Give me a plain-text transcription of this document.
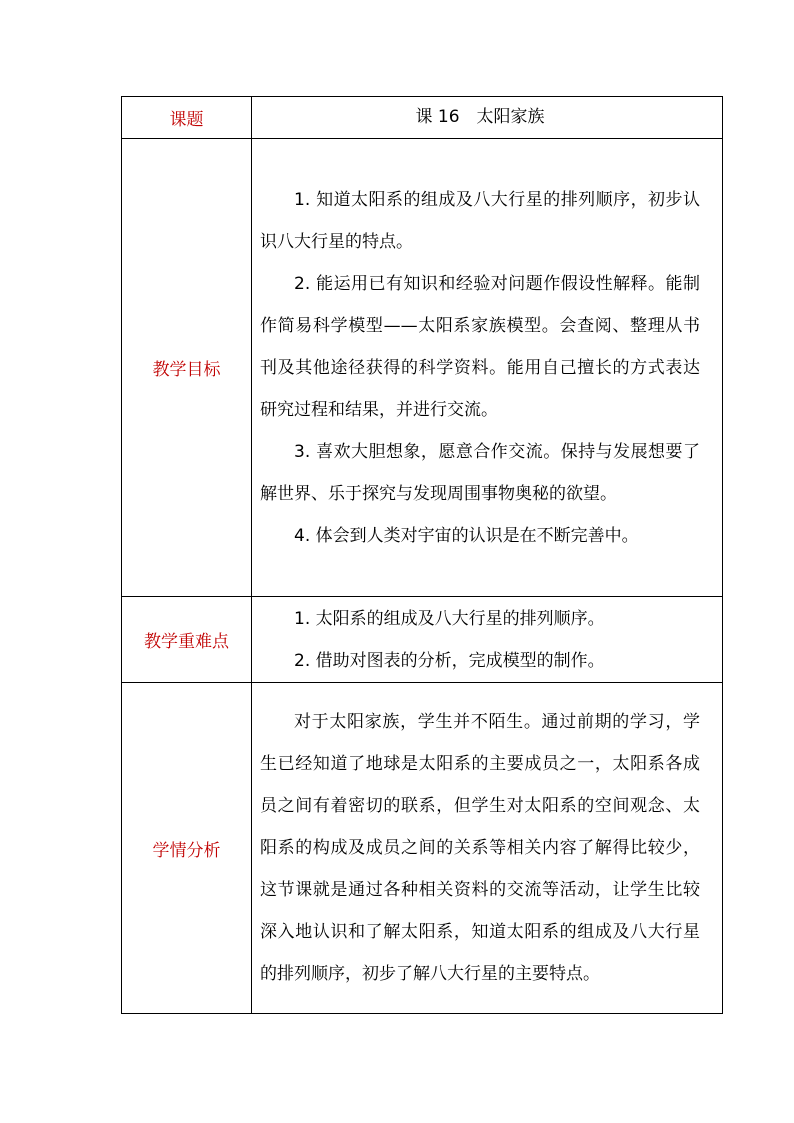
课题	课 16　太阳家族
教学目标	1. 知道太阳系的组成及八大行星的排列顺序，初步认识八大行星的特点。

2. 能运用已有知识和经验对问题作假设性解释。能制作简易科学模型——太阳系家族模型。会查阅、整理从书刊及其他途径获得的科学资料。能用自己擅长的方式表达研究过程和结果，并进行交流。

3. 喜欢大胆想象，愿意合作交流。保持与发展想要了解世界、乐于探究与发现周围事物奥秘的欲望。

4. 体会到人类对宇宙的认识是在不断完善中。

教学重难点	1. 太阳系的组成及八大行星的排列顺序。

2. 借助对图表的分析，完成模型的制作。

学情分析	对于太阳家族，学生并不陌生。通过前期的学习，学生已经知道了地球是太阳系的主要成员之一，太阳系各成员之间有着密切的联系，但学生对太阳系的空间观念、太阳系的构成及成员之间的关系等相关内容了解得比较少，这节课就是通过各种相关资料的交流等活动，让学生比较深入地认识和了解太阳系，知道太阳系的组成及八大行星的排列顺序，初步了解八大行星的主要特点。
